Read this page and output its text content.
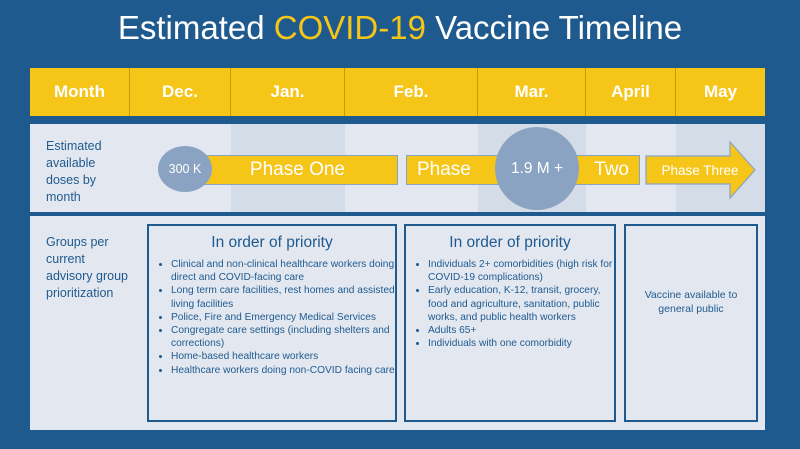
Estimated COVID-19 Vaccine Timeline
Month	Dec.	Jan.	Feb.	Mar.	April	May
Estimated available doses by month
Groups per current advisory group prioritization
Phase One
300 K	Phase	Two
1.9 M +	Phase Three
In order of priority
• Clinical and non-clinical healthcare workers doing direct and COVID-facing care
• Long term care facilities, rest homes and assisted living facilities
• Police, Fire and Emergency Medical Services
• Congregate care settings (including shelters and corrections)
• Home-based healthcare workers
• Healthcare workers doing non-COVID facing care
In order of priority
• Individuals 2+ comorbidities (high risk for COVID-19 complications)
• Early education, K-12, transit, grocery, food and agriculture, sanitation, public works, and public health workers
• Adults 65+
• Individuals with one comorbidity
Vaccine available to general public
